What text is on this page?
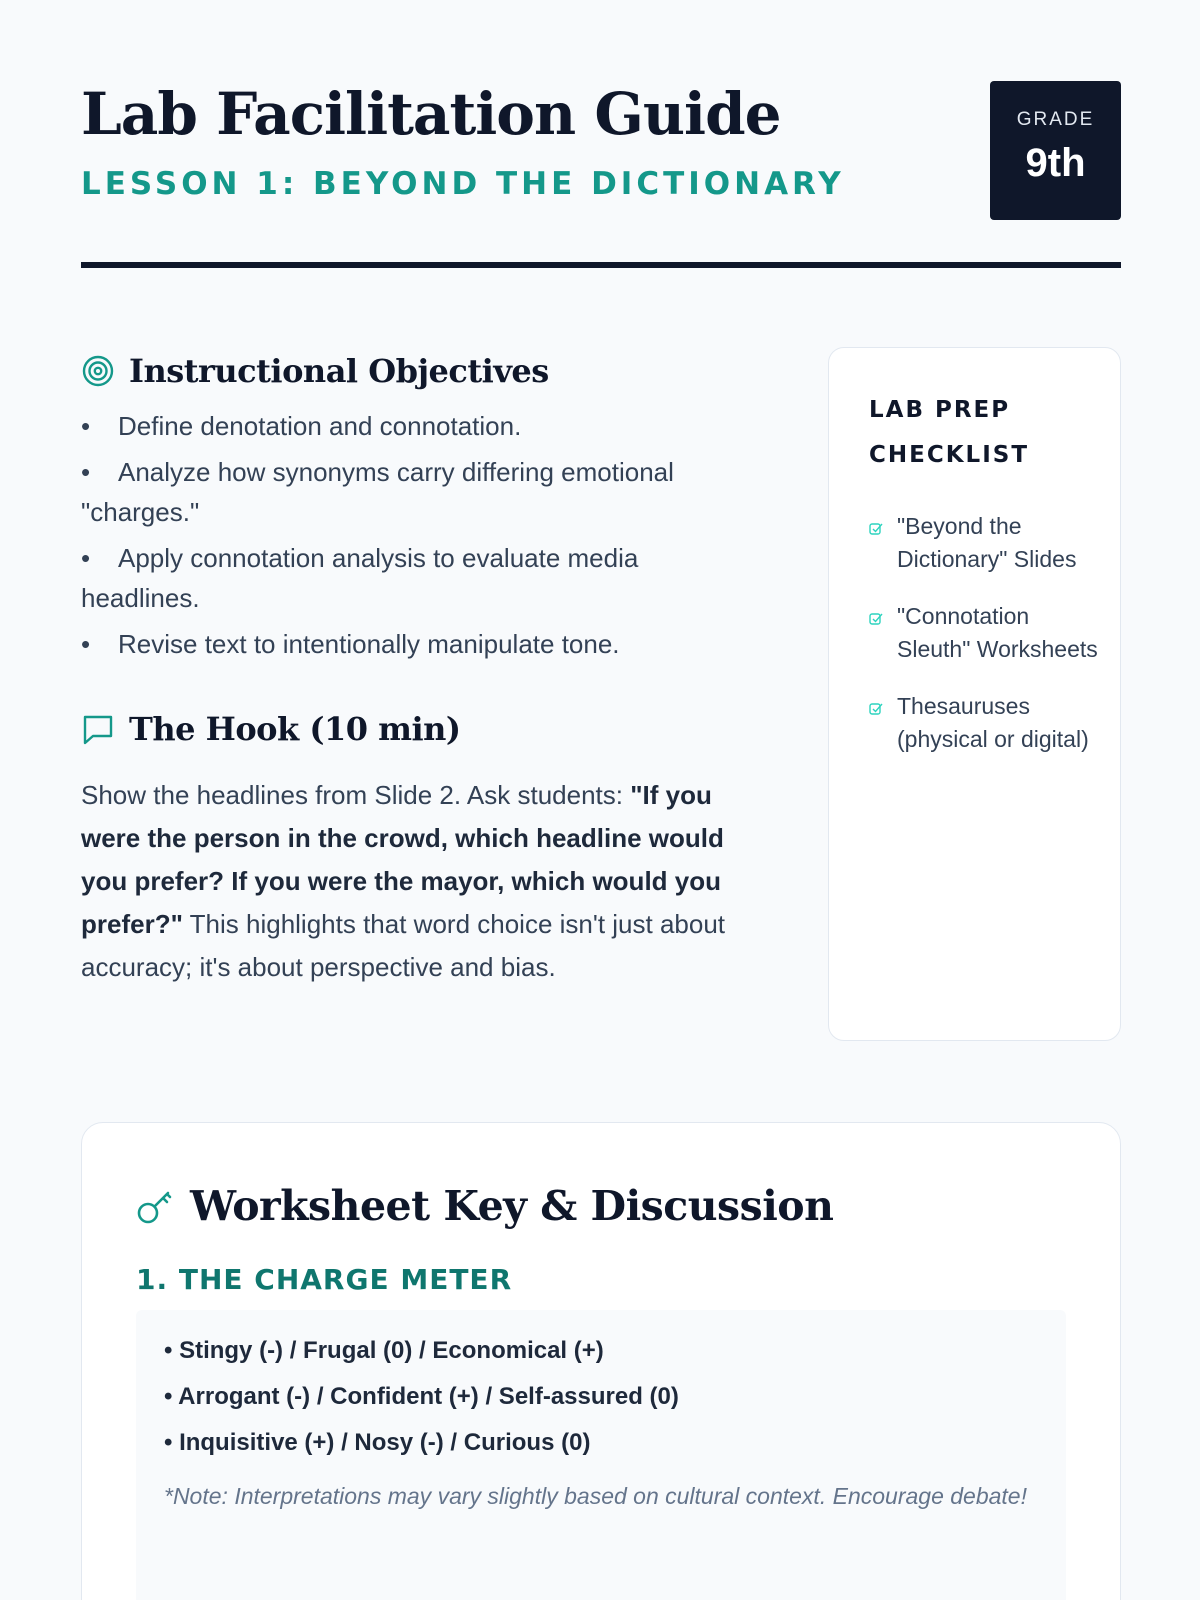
Lab Facilitation Guide
LESSON 1: BEYOND THE DICTIONARY
GRADE
9th
Instructional Objectives
• Define denotation and connotation.
• Analyze how synonyms carry differing emotional "charges."
• Apply connotation analysis to evaluate media headlines.
• Revise text to intentionally manipulate tone.
The Hook (10 min)

Show the headlines from Slide 2. Ask students: "If you were the person in the crowd, which headline would you prefer? If you were the mayor, which would you prefer?" This highlights that word choice isn't just about accuracy; it's about perspective and bias.

LAB PREP CHECKLIST
"Beyond the Dictionary" Slides
"Connotation Sleuth" Worksheets
Thesauruses (physical or digital)
Worksheet Key & Discussion
1. THE CHARGE METER
• Stingy (-) / Frugal (0) / Economical (+)
• Arrogant (-) / Confident (+) / Self-assured (0)
• Inquisitive (+) / Nosy (-) / Curious (0)

*Note: Interpretations may vary slightly based on cultural context. Encourage debate!
